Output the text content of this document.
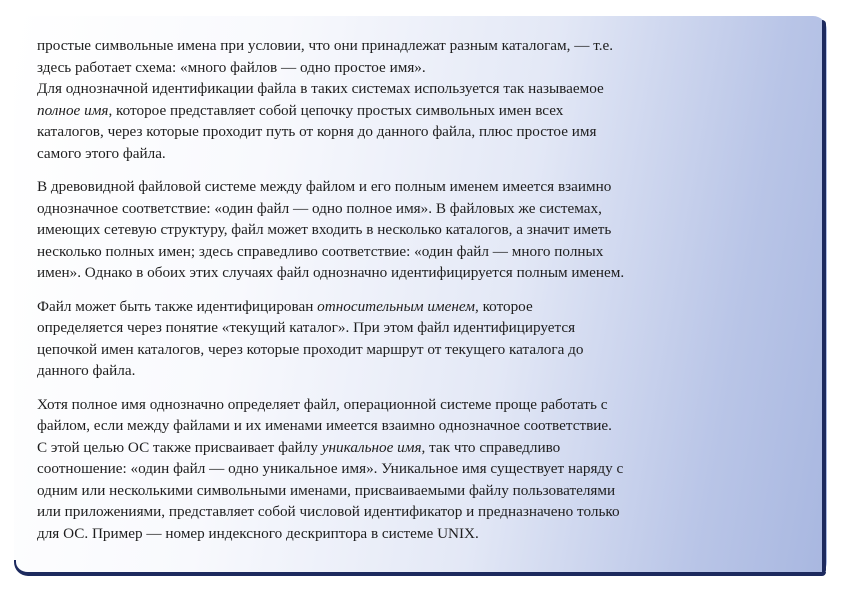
простые символьные имена при условии, что они принадлежат разным каталогам, — т.е.

здесь работает схема: «много файлов — одно простое имя».

Для однозначной идентификации файла в таких системах используется так называемое

полное имя, которое представляет собой цепочку простых символьных имен всех

каталогов, через которые проходит путь от корня до данного файла, плюс простое имя

самого этого файла.

В древовидной файловой системе между файлом и его полным именем имеется взаимно

однозначное соответствие: «один файл — одно полное имя». В файловых же системах,

имеющих сетевую структуру, файл может входить в несколько каталогов, а значит иметь

несколько полных имен; здесь справедливо соответствие: «один файл — много полных

имен». Однако в обоих этих случаях файл однозначно идентифицируется полным именем.

Файл может быть также идентифицирован относительным именем, которое

определяется через понятие «текущий каталог». При этом файл идентифицируется

цепочкой имен каталогов, через которые проходит маршрут от текущего каталога до

данного файла.

Хотя полное имя однозначно определяет файл, операционной системе проще работать с

файлом, если между файлами и их именами имеется взаимно однозначное соответствие.

С этой целью ОС также присваивает файлу уникальное имя, так что справедливо

соотношение: «один файл — одно уникальное имя». Уникальное имя существует наряду с

одним или несколькими символьными именами, присваиваемыми файлу пользователями

или приложениями, представляет собой числовой идентификатор и предназначено только

для ОС. Пример — номер индексного дескриптора в системе UNIX.
